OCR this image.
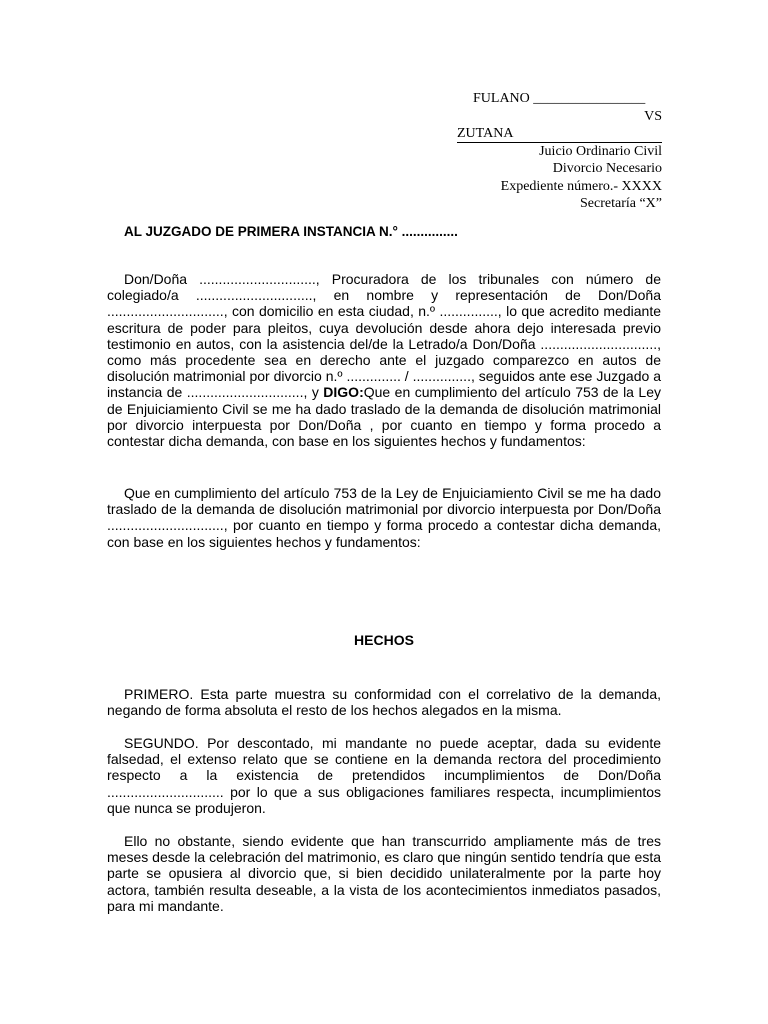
FULANO ________________
VS
ZUTANA
Juicio Ordinario Civil
Divorcio Necesario
Expediente número.- XXXX
Secretaría “X”
AL JUZGADO DE PRIMERA INSTANCIA N.° ...............

Don/Doña .............................., Procuradora de los tribunales con número de colegiado/a .............................., en nombre y representación de Don/Doña .............................., con domicilio en esta ciudad, n.º ..............., lo que acredito mediante escritura de poder para pleitos, cuya devolución desde ahora dejo interesada previo testimonio en autos, con la asistencia del/de la Letrado/a Don/Doña .............................., como más procedente sea en derecho ante el juzgado comparezco en autos de disolución matrimonial por divorcio n.º .............. / ..............., seguidos ante ese Juzgado a instancia de .............................., y DIGO:Que en cumplimiento del artículo 753 de la Ley de Enjuiciamiento Civil se me ha dado traslado de la demanda de disolución matrimonial por divorcio interpuesta por Don/Doña , por cuanto en tiempo y forma procedo a contestar dicha demanda, con base en los siguientes hechos y fundamentos:

Que en cumplimiento del artículo 753 de la Ley de Enjuiciamiento Civil se me ha dado traslado de la demanda de disolución matrimonial por divorcio interpuesta por Don/Doña .............................., por cuanto en tiempo y forma procedo a contestar dicha demanda, con base en los siguientes hechos y fundamentos:

HECHOS

PRIMERO. Esta parte muestra su conformidad con el correlativo de la demanda, negando de forma absoluta el resto de los hechos alegados en la misma.

SEGUNDO. Por descontado, mi mandante no puede aceptar, dada su evidente falsedad, el extenso relato que se contiene en la demanda rectora del procedimiento respecto a la existencia de pretendidos incumplimientos de Don/Doña .............................. por lo que a sus obligaciones familiares respecta, incumplimientos que nunca se produjeron.

Ello no obstante, siendo evidente que han transcurrido ampliamente más de tres meses desde la celebración del matrimonio, es claro que ningún sentido tendría que esta parte se opusiera al divorcio que, si bien decidido unilateralmente por la parte hoy actora, también resulta deseable, a la vista de los acontecimientos inmediatos pasados, para mi mandante.
